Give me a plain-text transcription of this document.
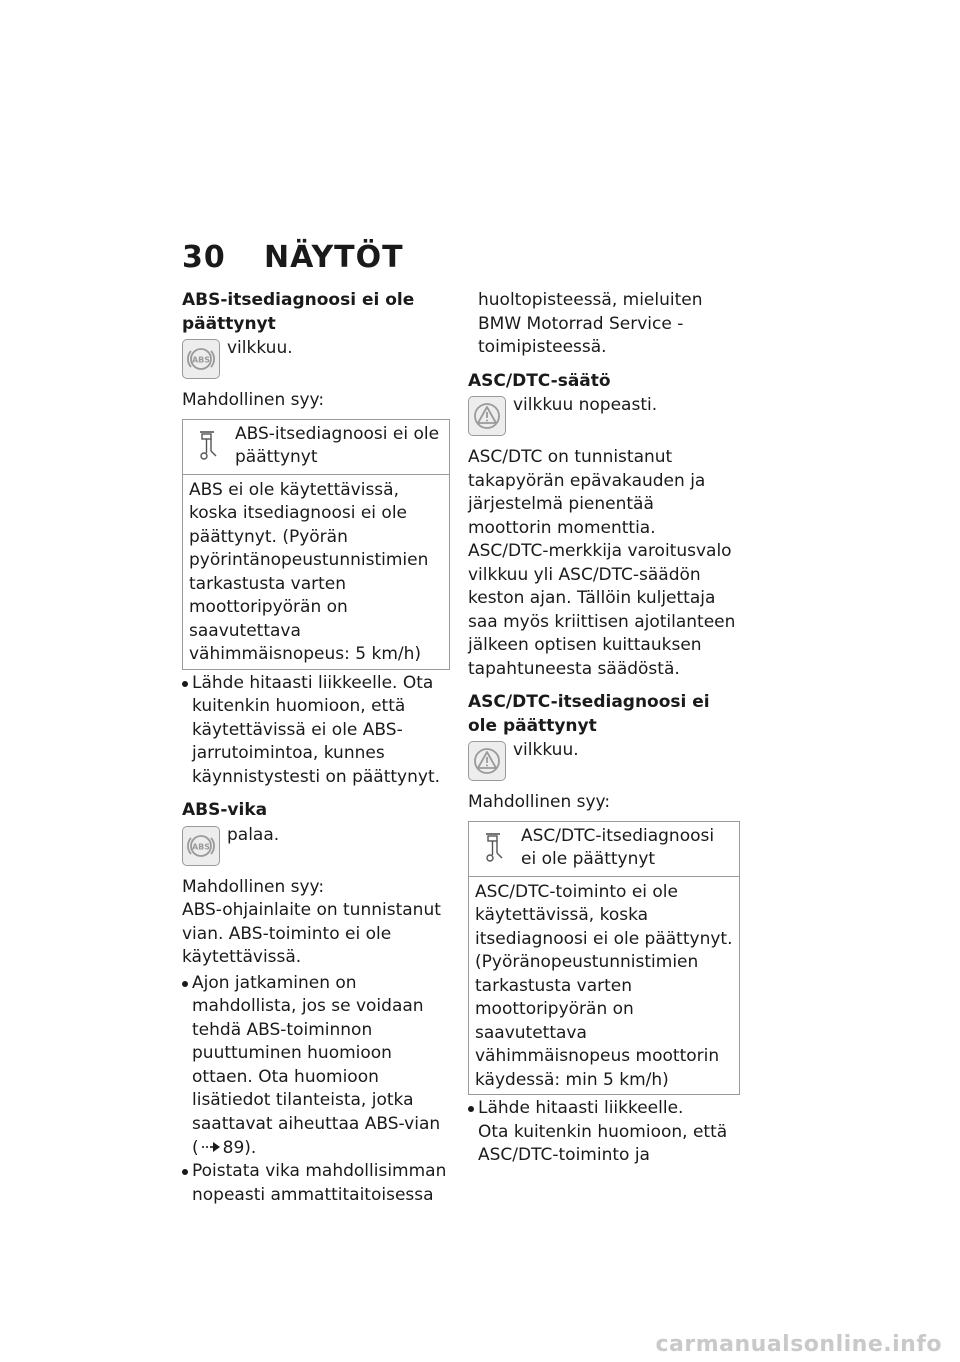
30 NÄYTÖT

ABS-itsediagnoosi ei ole päättynyt

ABS
vilkkuu.

Mahdollinen syy:

ABS-itsediagnoosi ei ole päättynyt
ABS ei ole käytettävissä, koska itsediagnoosi ei ole päättynyt. (Pyörän pyörintänopeustunnistimien tarkastusta varten moottoripyörän on saavutettava vähimmäisnopeus: 5 km/h)
Lähde hitaasti liikkeelle. Ota kuitenkin huomioon, että käytettävissä ei ole ABS-jarrutoimintoa, kunnes käynnistystesti on päättynyt.

ABS-vika

ABS
palaa.

Mahdollinen syy:

ABS-ohjainlaite on tunnistanut vian. ABS-toiminto ei ole käytettävissä.

Ajon jatkaminen on mahdollista, jos se voidaan tehdä ABS-toiminnon puuttuminen huomioon ottaen. Ota huomioon lisätiedot tilanteista, jotka saattavat aiheuttaa ABS-vian ( 89).
Poistata vika mahdollisimman nopeasti ammattitaitoisessa

huoltopisteessä, mieluiten BMW Motorrad Service -toimipisteessä.

ASC/DTC-säätö

vilkkuu nopeasti.

ASC/DTC on tunnistanut takapyörän epävakauden ja järjestelmä pienentää moottorin momenttia. ASC/DTC-merkkija varoitusvalo vilkkuu yli ASC/DTC-säädön keston ajan. Tällöin kuljettaja saa myös kriittisen ajotilanteen jälkeen optisen kuittauksen tapahtuneesta säädöstä.

ASC/DTC-itsediagnoosi ei ole päättynyt

vilkkuu.

Mahdollinen syy:

ASC/DTC-itsediagnoosi ei ole päättynyt
ASC/DTC-toiminto ei ole käytettävissä, koska itsediagnoosi ei ole päättynyt. (Pyöränopeustunnistimien tarkastusta varten moottoripyörän on saavutettava vähimmäisnopeus moottorin käydessä: min 5 km/h)
Lähde hitaasti liikkeelle.

Ota kuitenkin huomioon, että ASC/DTC-toiminto ja

carmanualsonline.info
